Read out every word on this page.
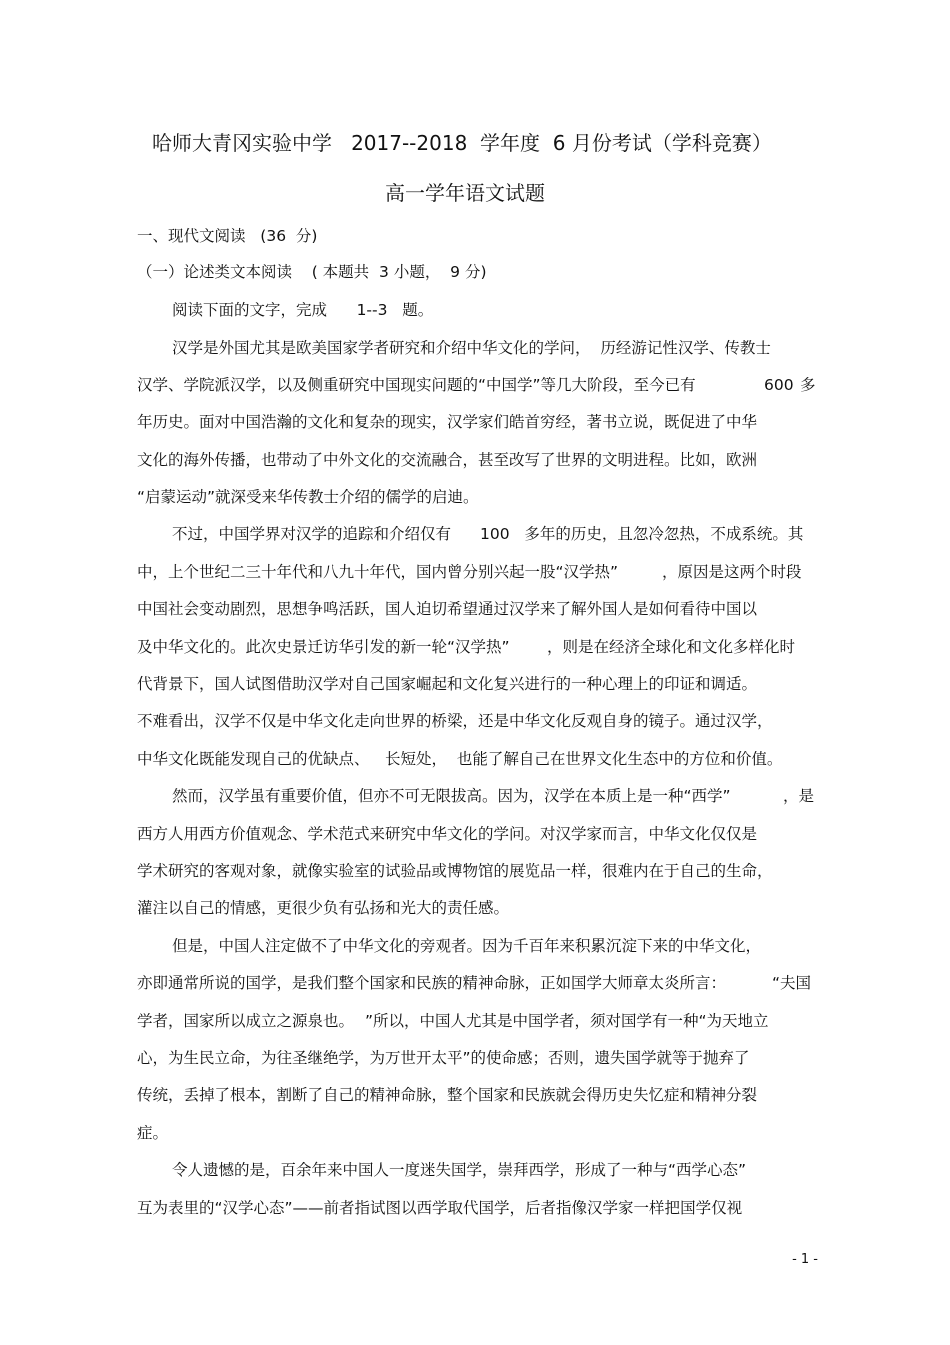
哈师大青冈实验中学   2017--2018  学年度  6 月份考试（学科竞赛）
高一学年语文试题
一、现代文阅读   (36  分)
（一）论述类文本阅读    ( 本题共  3 小题，  9 分)
阅读下面的文字，完成      1--3   题。
汉学是外国尤其是欧美国家学者研究和介绍中华文化的学问，  历经游记性汉学、传教士
汉学、学院派汉学，以及侧重研究中国现实问题的“中国学”等几大阶段，至今已有	600 多
年历史。面对中国浩瀚的文化和复杂的现实，汉学家们皓首穷经，著书立说，既促进了中华
文化的海外传播，也带动了中外文化的交流融合，甚至改写了世界的文明进程。比如，欧洲
“启蒙运动”就深受来华传教士介绍的儒学的启迪。
不过，中国学界对汉学的追踪和介绍仅有 100   多年的历史，且忽冷忽热，不成系统。其
中，上个世纪二三十年代和八九十年代，国内曾分别兴起一股“汉学热”	，原因是这两个时段
中国社会变动剧烈，思想争鸣活跃，国人迫切希望通过汉学来了解外国人是如何看待中国以
及中华文化的。此次史景迁访华引发的新一轮“汉学热” ，则是在经济全球化和文化多样化时
代背景下，国人试图借助汉学对自己国家崛起和文化复兴进行的一种心理上的印证和调适。
不难看出，汉学不仅是中华文化走向世界的桥梁，还是中华文化反观自身的镜子。通过汉学，
中华文化既能发现自己的优缺点、 长短处，  也能了解自己在世界文化生态中的方位和价值。
然而，汉学虽有重要价值，但亦不可无限拔高。因为，汉学在本质上是一种“西学”	，是
西方人用西方价值观念、学术范式来研究中华文化的学问。对汉学家而言，中华文化仅仅是
学术研究的客观对象，就像实验室的试验品或博物馆的展览品一样，很难内在于自己的生命，
灌注以自己的情感，更很少负有弘扬和光大的责任感。
但是，中国人注定做不了中华文化的旁观者。因为千百年来积累沉淀下来的中华文化，
亦即通常所说的国学，是我们整个国家和民族的精神命脉，正如国学大师章太炎所言：	“夫国
学者，国家所以成立之源泉也。 ”所以，中国人尤其是中国学者，须对国学有一种“为天地立
心，为生民立命，为往圣继绝学，为万世开太平”的使命感；否则，遗失国学就等于抛弃了
传统，丢掉了根本，割断了自己的精神命脉，整个国家和民族就会得历史失忆症和精神分裂
症。
令人遗憾的是，百余年来中国人一度迷失国学，崇拜西学，形成了一种与“西学心态”
互为表里的“汉学心态”——前者指试图以西学取代国学，后者指像汉学家一样把国学仅视
- 1 -
